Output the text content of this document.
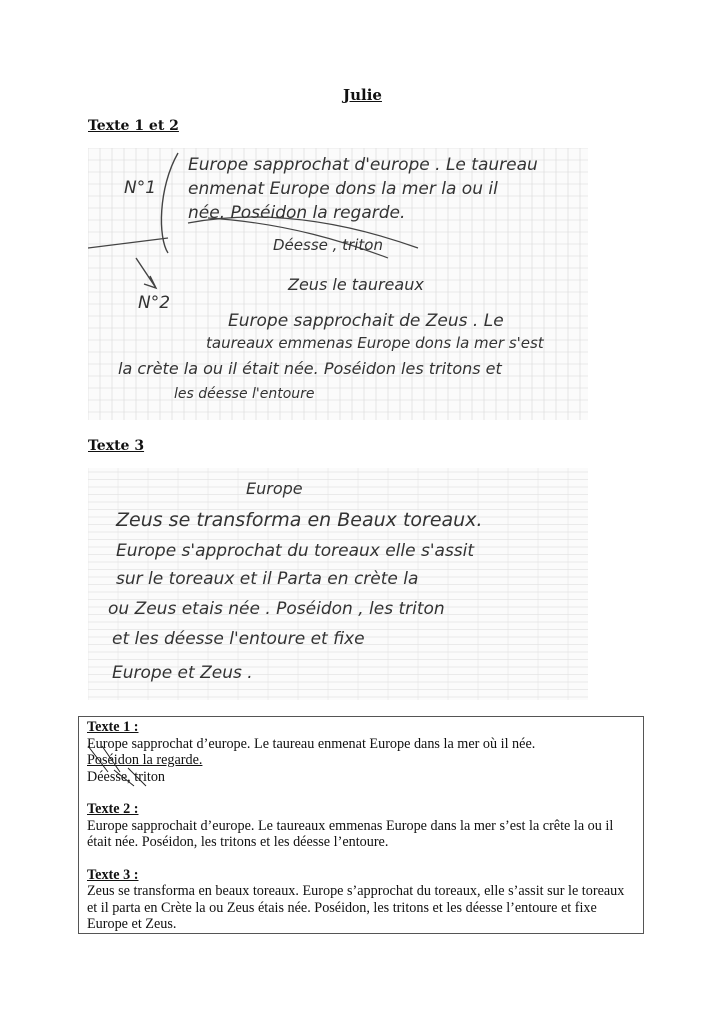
Julie
Texte 1 et 2
N°1
N°2
Europe sapprochat d'europe . Le taureau
enmenat Europe dons la mer la ou il
née. Poséidon la regarde.
Déesse , triton
Zeus le taureaux
Europe sapprochait de Zeus . Le
taureaux emmenas Europe dons la mer s'est
la crète la ou il était née. Poséidon les tritons et
les déesse l'entoure
Texte 3
Europe
Zeus se transforma en Beaux toreaux.
Europe s'approchat du toreaux elle s'assit
sur le toreaux et il Parta en crète la
ou Zeus etais née . Poséidon , les triton
et les déesse l'entoure et fixe
Europe et Zeus .

Texte 1 :

Europe sapprochat d’europe. Le taureau enmenat Europe dans la mer où il née.

Poséidon la regarde.

Déesse, triton

Texte 2 :

Europe sapprochait d’europe. Le taureaux emmenas Europe dans la mer s’est la crête la ou il était née. Poséidon, les tritons et les déesse l’entoure.

Texte 3 :

Zeus se transforma en beaux toreaux. Europe s’approchat du toreaux, elle s’assit sur le toreaux et il parta en Crète la ou Zeus étais née. Poséidon, les tritons et les déesse l’entoure et fixe Europe et Zeus.
